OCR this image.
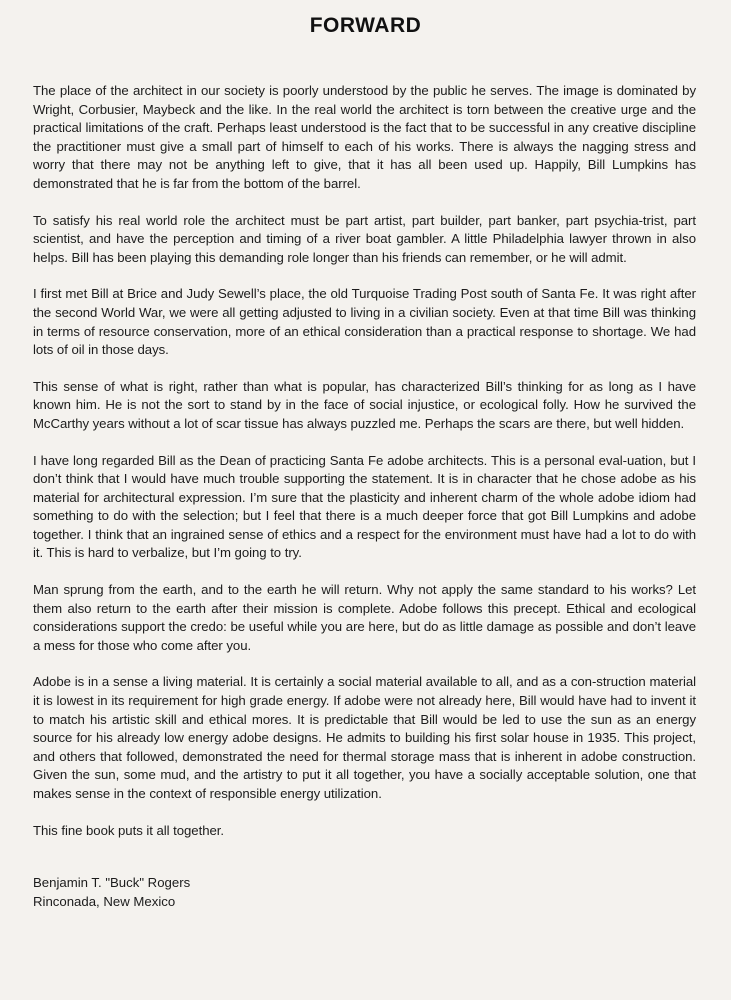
FORWARD

The place of the architect in our society is poorly understood by the public he serves. The image is dominated by Wright, Corbusier, Maybeck and the like. In the real world the architect is torn between the creative urge and the practical limitations of the craft. Perhaps least understood is the fact that to be successful in any creative discipline the practitioner must give a small part of himself to each of his works. There is always the nagging stress and worry that there may not be anything left to give, that it has all been used up. Happily, Bill Lumpkins has demonstrated that he is far from the bottom of the barrel.

To satisfy his real world role the architect must be part artist, part builder, part banker, part psychia-trist, part scientist, and have the perception and timing of a river boat gambler. A little Philadelphia lawyer thrown in also helps. Bill has been playing this demanding role longer than his friends can remember, or he will admit.

I first met Bill at Brice and Judy Sewell’s place, the old Turquoise Trading Post south of Santa Fe. It was right after the second World War, we were all getting adjusted to living in a civilian society. Even at that time Bill was thinking in terms of resource conservation, more of an ethical consideration than a practical response to shortage. We had lots of oil in those days.

This sense of what is right, rather than what is popular, has characterized Bill’s thinking for as long as I have known him. He is not the sort to stand by in the face of social injustice, or ecological folly. How he survived the McCarthy years without a lot of scar tissue has always puzzled me. Perhaps the scars are there, but well hidden.

I have long regarded Bill as the Dean of practicing Santa Fe adobe architects. This is a personal eval-uation, but I don’t think that I would have much trouble supporting the statement. It is in character that he chose adobe as his material for architectural expression. I’m sure that the plasticity and inherent charm of the whole adobe idiom had something to do with the selection; but I feel that there is a much deeper force that got Bill Lumpkins and adobe together. I think that an ingrained sense of ethics and a respect for the environment must have had a lot to do with it. This is hard to verbalize, but I’m going to try.

Man sprung from the earth, and to the earth he will return. Why not apply the same standard to his works? Let them also return to the earth after their mission is complete. Adobe follows this precept. Ethical and ecological considerations support the credo: be useful while you are here, but do as little damage as possible and don’t leave a mess for those who come after you.

Adobe is in a sense a living material. It is certainly a social material available to all, and as a con-struction material it is lowest in its requirement for high grade energy. If adobe were not already here, Bill would have had to invent it to match his artistic skill and ethical mores. It is predictable that Bill would be led to use the sun as an energy source for his already low energy adobe designs. He admits to building his first solar house in 1935. This project, and others that followed, demonstrated the need for thermal storage mass that is inherent in adobe construction. Given the sun, some mud, and the artistry to put it all together, you have a socially acceptable solution, one that makes sense in the context of responsible energy utilization.

This fine book puts it all together.

Benjamin T. "Buck" Rogers
Rinconada, New Mexico
